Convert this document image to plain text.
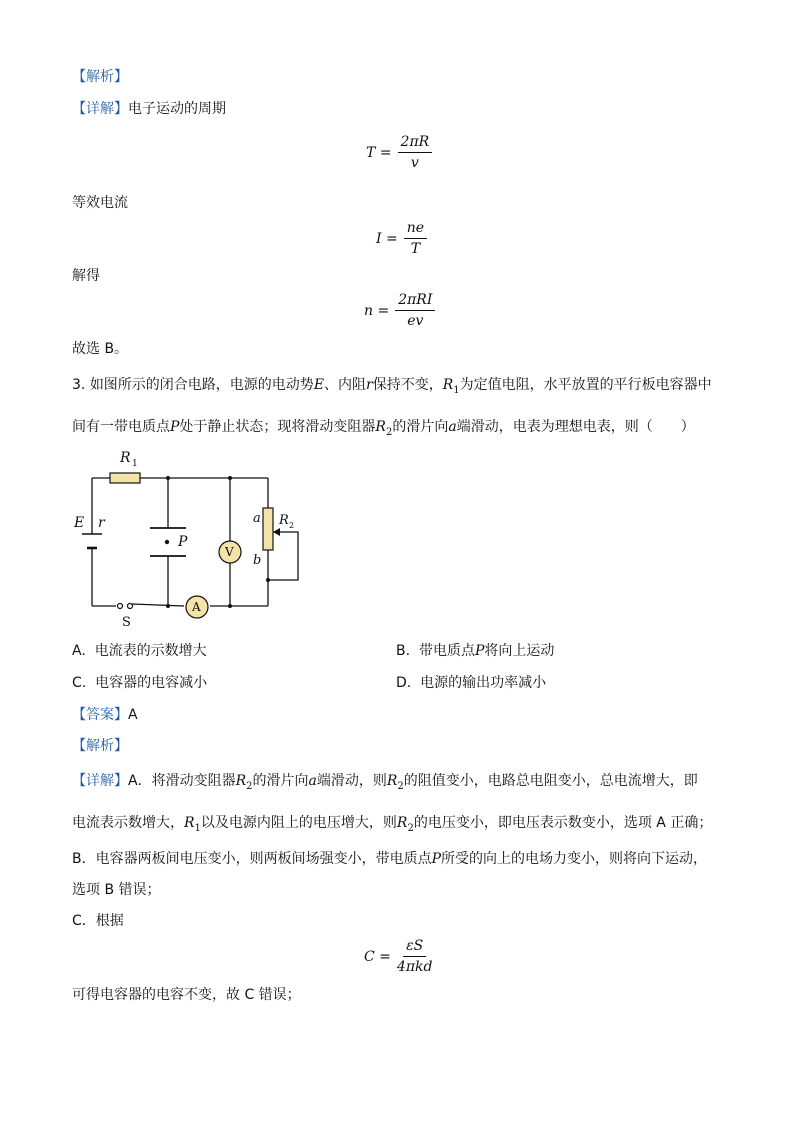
【解析】
【详解】电子运动的周期
$T = \frac{2\pi R}{v}$
等效电流
$I = \frac{ne}{T}$
解得
$n = \frac{\text{2πRI}}{ev}$
故选 B。
3. 如图所示的闭合电路，电源的电动势E、内阻r保持不变，$R_1$为定值电阻，水平放置的平行板电容器中
间有一带电质点P处于静止状态；现将滑动变阻器$R_2$的滑片向a端滑动，电表为理想电表，则（　　）
R 1
E r
P
V
A
a
b
R 2
S
A. 电流表的示数增大	B. 带电质点P将向上运动
C. 电容器的电容减小	D. 电源的输出功率减小
【答案】A
【解析】
【详解】A．将滑动变阻器$R_2$的滑片向a端滑动，则$R_2$的阻值变小，电路总电阻变小，总电流增大，即
电流表示数增大，$R_1$以及电源内阻上的电压增大，则$R_2$的电压变小，即电压表示数变小，选项 A 正确；
B．电容器两板间电压变小，则两板间场强变小，带电质点P所受的向上的电场力变小，则将向下运动，
选项 B 错误；
C．根据
$C = \frac{\varepsilon S}{\text{4πkd}}$
可得电容器的电容不变，故 C 错误；
